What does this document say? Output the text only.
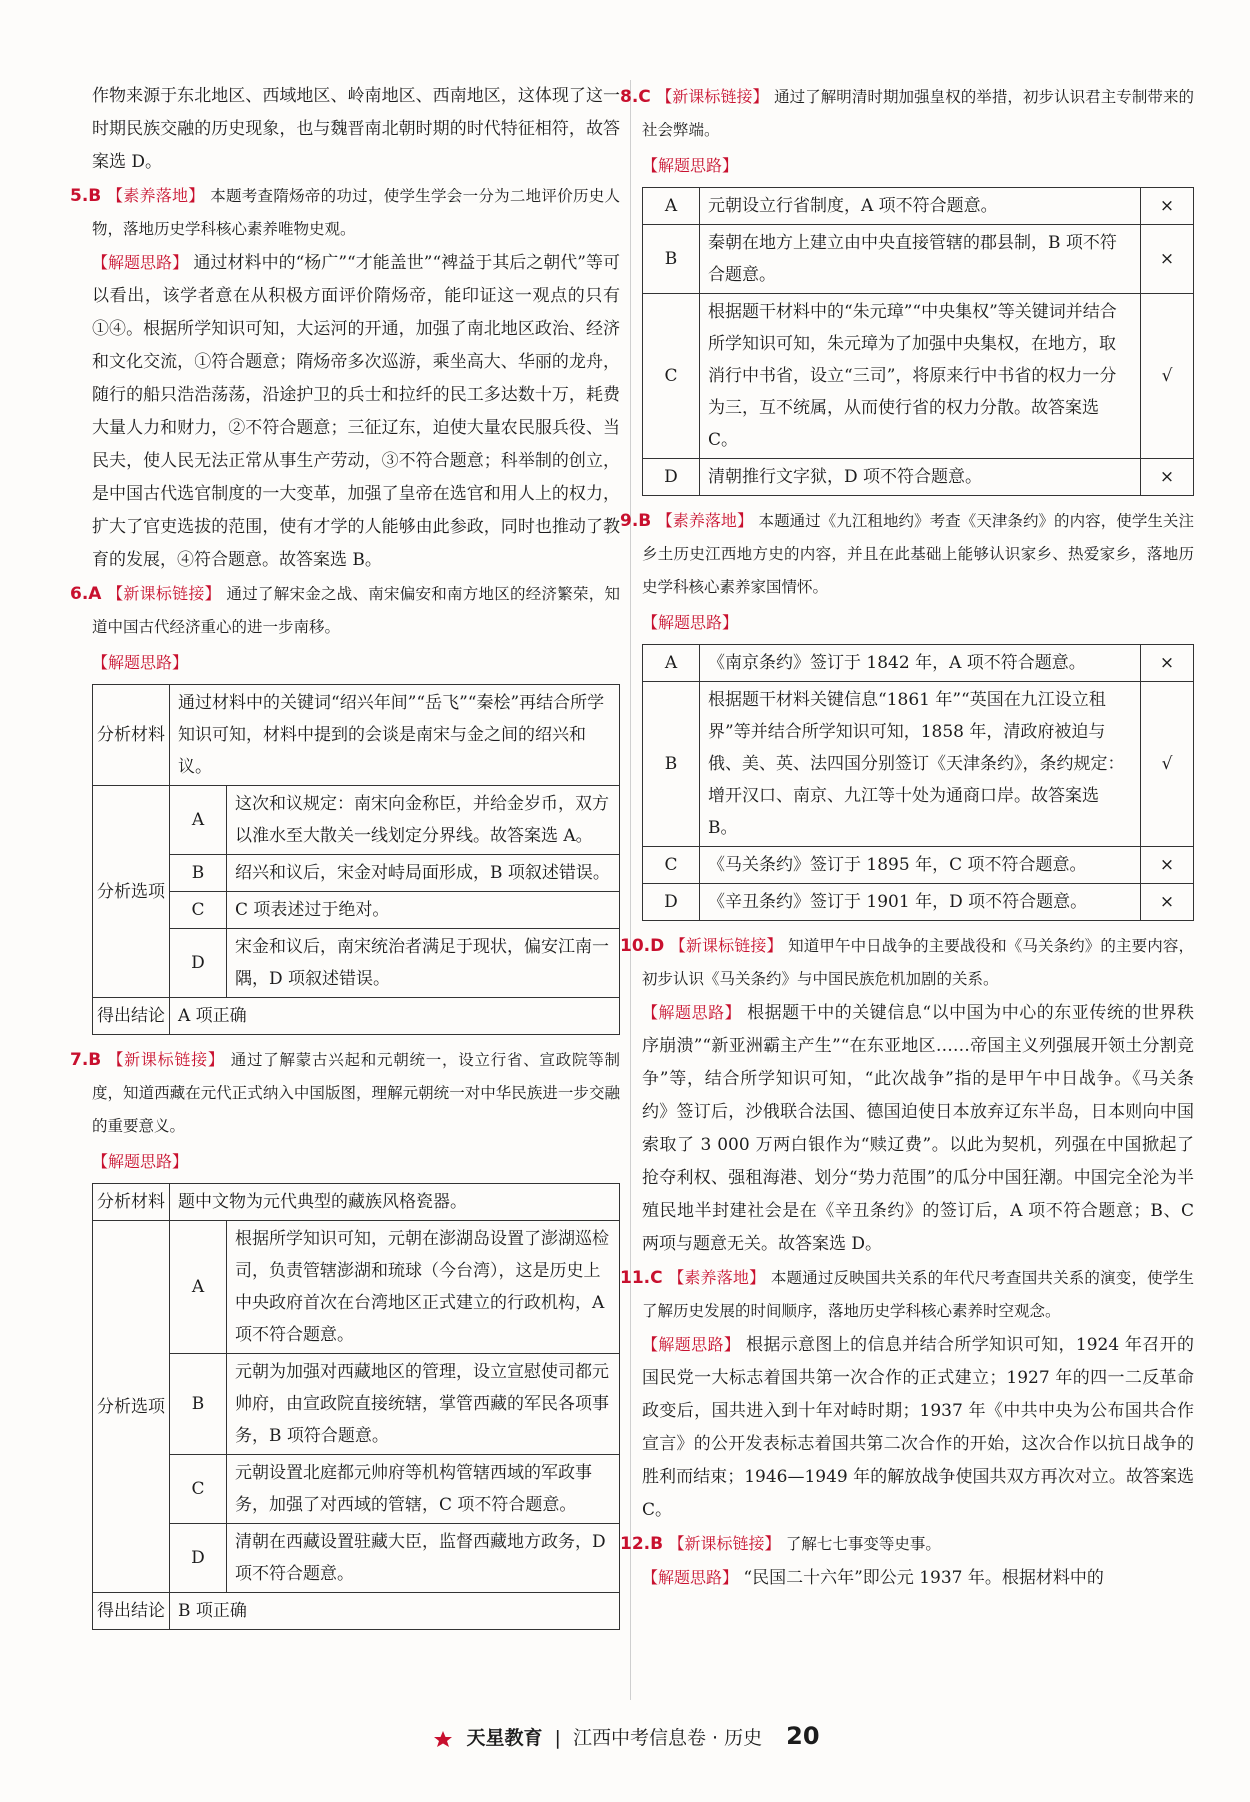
作物来源于东北地区、西域地区、岭南地区、西南地区，这体现了这一时期民族交融的历史现象，也与魏晋南北朝时期的时代特征相符，故答案选 D。

5.B 【素养落地】 本题考查隋炀帝的功过，使学生学会一分为二地评价历史人物，落地历史学科核心素养唯物史观。

【解题思路】 通过材料中的“杨广”“才能盖世”“裨益于其后之朝代”等可以看出，该学者意在从积极方面评价隋炀帝，能印证这一观点的只有①④。根据所学知识可知，大运河的开通，加强了南北地区政治、经济和文化交流，①符合题意；隋炀帝多次巡游，乘坐高大、华丽的龙舟，随行的船只浩浩荡荡，沿途护卫的兵士和拉纤的民工多达数十万，耗费大量人力和财力，②不符合题意；三征辽东，迫使大量农民服兵役、当民夫，使人民无法正常从事生产劳动，③不符合题意；科举制的创立，是中国古代选官制度的一大变革，加强了皇帝在选官和用人上的权力，扩大了官吏选拔的范围，使有才学的人能够由此参政，同时也推动了教育的发展，④符合题意。故答案选 B。

6.A 【新课标链接】 通过了解宋金之战、南宋偏安和南方地区的经济繁荣，知道中国古代经济重心的进一步南移。

【解题思路】

分析材料	通过材料中的关键词“绍兴年间”“岳飞”“秦桧”再结合所学知识可知，材料中提到的会谈是南宋与金之间的绍兴和议。	
分析选项	A	这次和议规定：南宋向金称臣，并给金岁币，双方以淮水至大散关一线划定分界线。故答案选 A。
	B	绍兴和议后，宋金对峙局面形成，B 项叙述错误。
	C	C 项表述过于绝对。
	D	宋金和议后，南宋统治者满足于现状，偏安江南一隅，D 项叙述错误。
得出结论	A 项正确	

7.B 【新课标链接】 通过了解蒙古兴起和元朝统一，设立行省、宣政院等制度，知道西藏在元代正式纳入中国版图，理解元朝统一对中华民族进一步交融的重要意义。

【解题思路】

分析材料	题中文物为元代典型的藏族风格瓷器。	
分析选项	A	根据所学知识可知，元朝在澎湖岛设置了澎湖巡检司，负责管辖澎湖和琉球（今台湾），这是历史上中央政府首次在台湾地区正式建立的行政机构，A 项不符合题意。
	B	元朝为加强对西藏地区的管理，设立宣慰使司都元帅府，由宣政院直接统辖，掌管西藏的军民各项事务，B 项符合题意。
	C	元朝设置北庭都元帅府等机构管辖西域的军政事务，加强了对西域的管辖，C 项不符合题意。
	D	清朝在西藏设置驻藏大臣，监督西藏地方政务，D 项不符合题意。
得出结论	B 项正确	

8.C 【新课标链接】 通过了解明清时期加强皇权的举措，初步认识君主专制带来的社会弊端。

【解题思路】

A	元朝设立行省制度，A 项不符合题意。	×
B	秦朝在地方上建立由中央直接管辖的郡县制，B 项不符合题意。	×
C	根据题干材料中的“朱元璋”“中央集权”等关键词并结合所学知识可知，朱元璋为了加强中央集权，在地方，取消行中书省，设立“三司”，将原来行中书省的权力一分为三，互不统属，从而使行省的权力分散。故答案选 C。	√
D	清朝推行文字狱，D 项不符合题意。	×

9.B 【素养落地】 本题通过《九江租地约》考查《天津条约》的内容，使学生关注乡土历史江西地方史的内容，并且在此基础上能够认识家乡、热爱家乡，落地历史学科核心素养家国情怀。

【解题思路】

A	《南京条约》签订于 1842 年，A 项不符合题意。	×
B	根据题干材料关键信息“1861 年”“英国在九江设立租界”等并结合所学知识可知，1858 年，清政府被迫与俄、美、英、法四国分别签订《天津条约》，条约规定：增开汉口、南京、九江等十处为通商口岸。故答案选 B。	√
C	《马关条约》签订于 1895 年，C 项不符合题意。	×
D	《辛丑条约》签订于 1901 年，D 项不符合题意。	×

10.D 【新课标链接】 知道甲午中日战争的主要战役和《马关条约》的主要内容，初步认识《马关条约》与中国民族危机加剧的关系。

【解题思路】 根据题干中的关键信息“以中国为中心的东亚传统的世界秩序崩溃”“新亚洲霸主产生”“在东亚地区……帝国主义列强展开领土分割竞争”等，结合所学知识可知，“此次战争”指的是甲午中日战争。《马关条约》签订后，沙俄联合法国、德国迫使日本放弃辽东半岛，日本则向中国索取了 3 000 万两白银作为“赎辽费”。以此为契机，列强在中国掀起了抢夺利权、强租海港、划分“势力范围”的瓜分中国狂潮。中国完全沦为半殖民地半封建社会是在《辛丑条约》的签订后，A 项不符合题意；B、C 两项与题意无关。故答案选 D。

11.C 【素养落地】 本题通过反映国共关系的年代尺考查国共关系的演变，使学生了解历史发展的时间顺序，落地历史学科核心素养时空观念。

【解题思路】 根据示意图上的信息并结合所学知识可知，1924 年召开的国民党一大标志着国共第一次合作的正式建立；1927 年的四一二反革命政变后，国共进入到十年对峙时期；1937 年《中共中央为公布国共合作宣言》的公开发表标志着国共第二次合作的开始，这次合作以抗日战争的胜利而结束；1946—1949 年的解放战争使国共双方再次对立。故答案选 C。

12.B 【新课标链接】 了解七七事变等史事。

【解题思路】 “民国二十六年”即公元 1937 年。根据材料中的

天星教育 | 江西中考信息卷 · 历史 20
